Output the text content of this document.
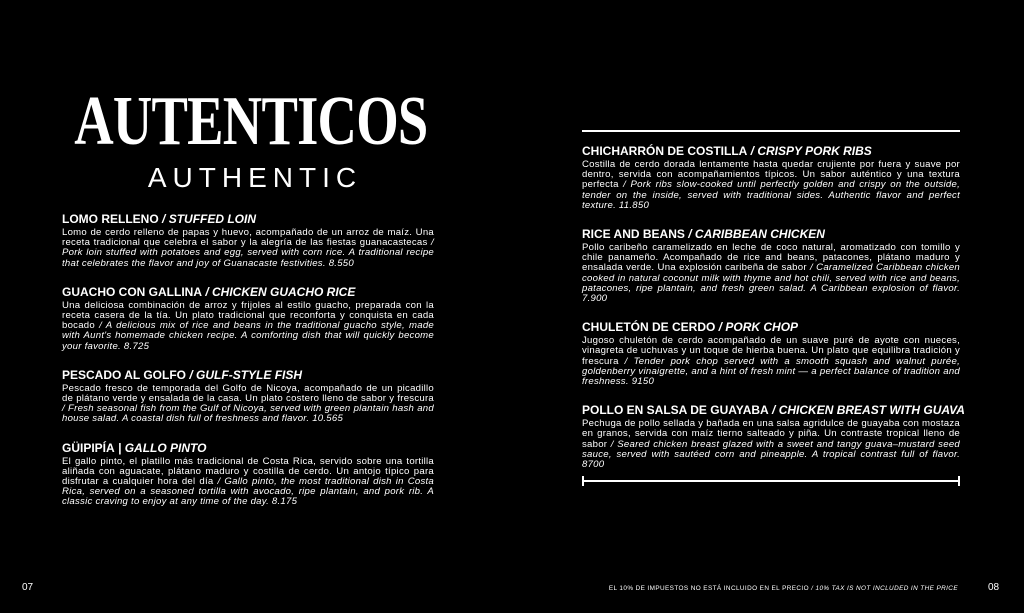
AUTENTICOS
AUTHENTIC
LOMO RELLENO / STUFFED LOIN
Lomo de cerdo relleno de papas y huevo, acompañado de un arroz de maíz. Una receta tradicional que celebra el sabor y la alegría de las fiestas guanacastecas / Pork loin stuffed with potatoes and egg, served with corn rice. A traditional recipe that celebrates the flavor and joy of Guanacaste festivities. 8.550
GUACHO CON GALLINA / CHICKEN GUACHO RICE
Una deliciosa combinación de arroz y frijoles al estilo guacho, preparada con la receta casera de la tía. Un plato tradicional que reconforta y conquista en cada bocado / A delicious mix of rice and beans in the traditional guacho style, made with Aunt's homemade chicken recipe. A comforting dish that will quickly become your favorite. 8.725
PESCADO AL GOLFO / GULF-STYLE FISH
Pescado fresco de temporada del Golfo de Nicoya, acompañado de un picadillo de plátano verde y ensalada de la casa. Un plato costero lleno de sabor y frescura / Fresh seasonal fish from the Gulf of Nicoya, served with green plantain hash and house salad. A coastal dish full of freshness and flavor. 10.565
GÜIPIPÍA | GALLO PINTO
El gallo pinto, el platillo más tradicional de Costa Rica, servido sobre una tortilla aliñada con aguacate, plátano maduro y costilla de cerdo. Un antojo típico para disfrutar a cualquier hora del día / Gallo pinto, the most traditional dish in Costa Rica, served on a seasoned tortilla with avocado, ripe plantain, and pork rib. A classic craving to enjoy at any time of the day. 8.175
CHICHARRÓN DE COSTILLA / CRISPY PORK RIBS
Costilla de cerdo dorada lentamente hasta quedar crujiente por fuera y suave por dentro, servida con acompañamientos típicos. Un sabor auténtico y una textura perfecta / Pork ribs slow-cooked until perfectly golden and crispy on the outside, tender on the inside, served with traditional sides. Authentic flavor and perfect texture. 11.850
RICE AND BEANS / CARIBBEAN CHICKEN
Pollo caribeño caramelizado en leche de coco natural, aromatizado con tomillo y chile panameño. Acompañado de rice and beans, patacones, plátano maduro y ensalada verde. Una explosión caribeña de sabor / Caramelized Caribbean chicken cooked in natural coconut milk with thyme and hot chili, served with rice and beans, patacones, ripe plantain, and fresh green salad. A Caribbean explosion of flavor. 7.900
CHULETÓN DE CERDO / PORK CHOP
Jugoso chuletón de cerdo acompañado de un suave puré de ayote con nueces, vinagreta de uchuvas y un toque de hierba buena. Un plato que equilibra tradición y frescura / Tender pork chop served with a smooth squash and walnut purée, goldenberry vinaigrette, and a hint of fresh mint — a perfect balance of tradition and freshness. 9150
POLLO EN SALSA DE GUAYABA / CHICKEN BREAST WITH GUAVA
Pechuga de pollo sellada y bañada en una salsa agridulce de guayaba con mostaza en granos, servida con maíz tierno salteado y piña. Un contraste tropical lleno de sabor / Seared chicken breast glazed with a sweet and tangy guava–mustard seed sauce, served with sautéed corn and pineapple. A tropical contrast full of flavor. 8700
07	EL 10% DE IMPUESTOS NO ESTÁ INCLUIDO EN EL PRECIO / 10% TAX IS NOT INCLUDED IN THE PRICE	08
